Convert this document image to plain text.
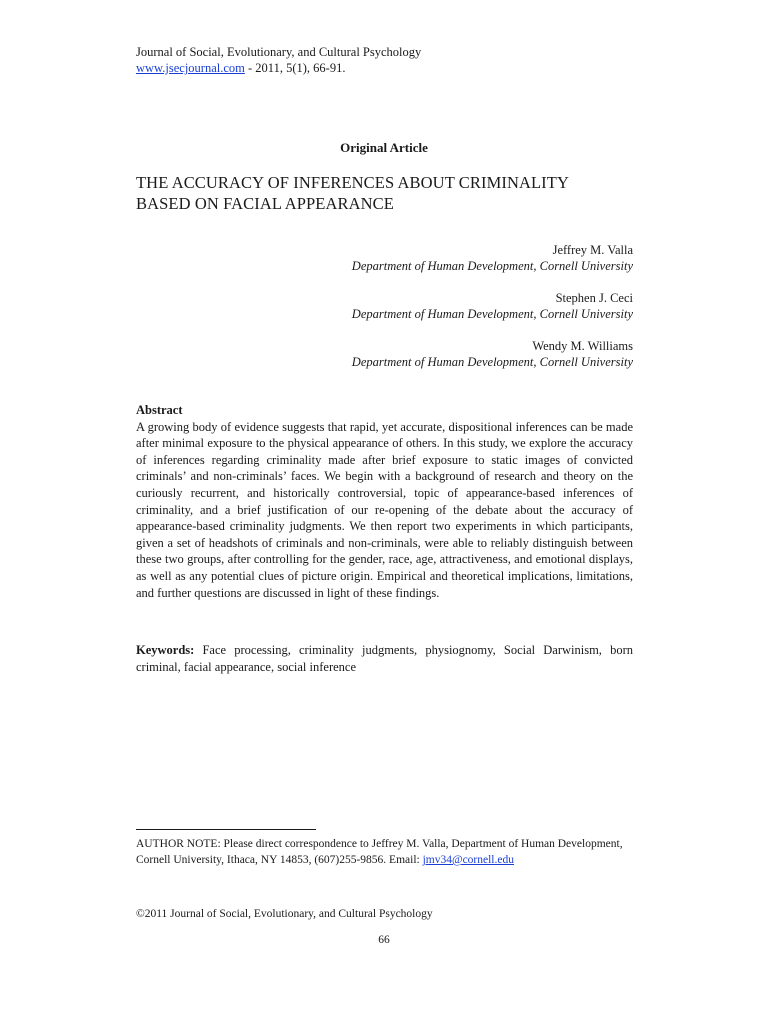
Journal of Social, Evolutionary, and Cultural Psychology
www.jsecjournal.com - 2011, 5(1), 66-91.
Original Article
THE ACCURACY OF INFERENCES ABOUT CRIMINALITY
BASED ON FACIAL APPEARANCE
Jeffrey M. Valla
Department of Human Development, Cornell University
Stephen J. Ceci
Department of Human Development, Cornell University
Wendy M. Williams
Department of Human Development, Cornell University
Abstract
A growing body of evidence suggests that rapid, yet accurate, dispositional inferences can be made after minimal exposure to the physical appearance of others. In this study, we explore the accuracy of inferences regarding criminality made after brief exposure to static images of convicted criminals’ and non-criminals’ faces. We begin with a background of research and theory on the curiously recurrent, and historically controversial, topic of appearance-based inferences of criminality, and a brief justification of our re-opening of the debate about the accuracy of appearance-based criminality judgments. We then report two experiments in which participants, given a set of headshots of criminals and non-criminals, were able to reliably distinguish between these two groups, after controlling for the gender, race, age, attractiveness, and emotional displays, as well as any potential clues of picture origin. Empirical and theoretical implications, limitations, and further questions are discussed in light of these findings.
Keywords: Face processing, criminality judgments, physiognomy, Social Darwinism, born criminal, facial appearance, social inference
AUTHOR NOTE: Please direct correspondence to Jeffrey M. Valla, Department of Human Development, Cornell University, Ithaca, NY 14853, (607)255-9856. Email: jmv34@cornell.edu
©2011 Journal of Social, Evolutionary, and Cultural Psychology
66
